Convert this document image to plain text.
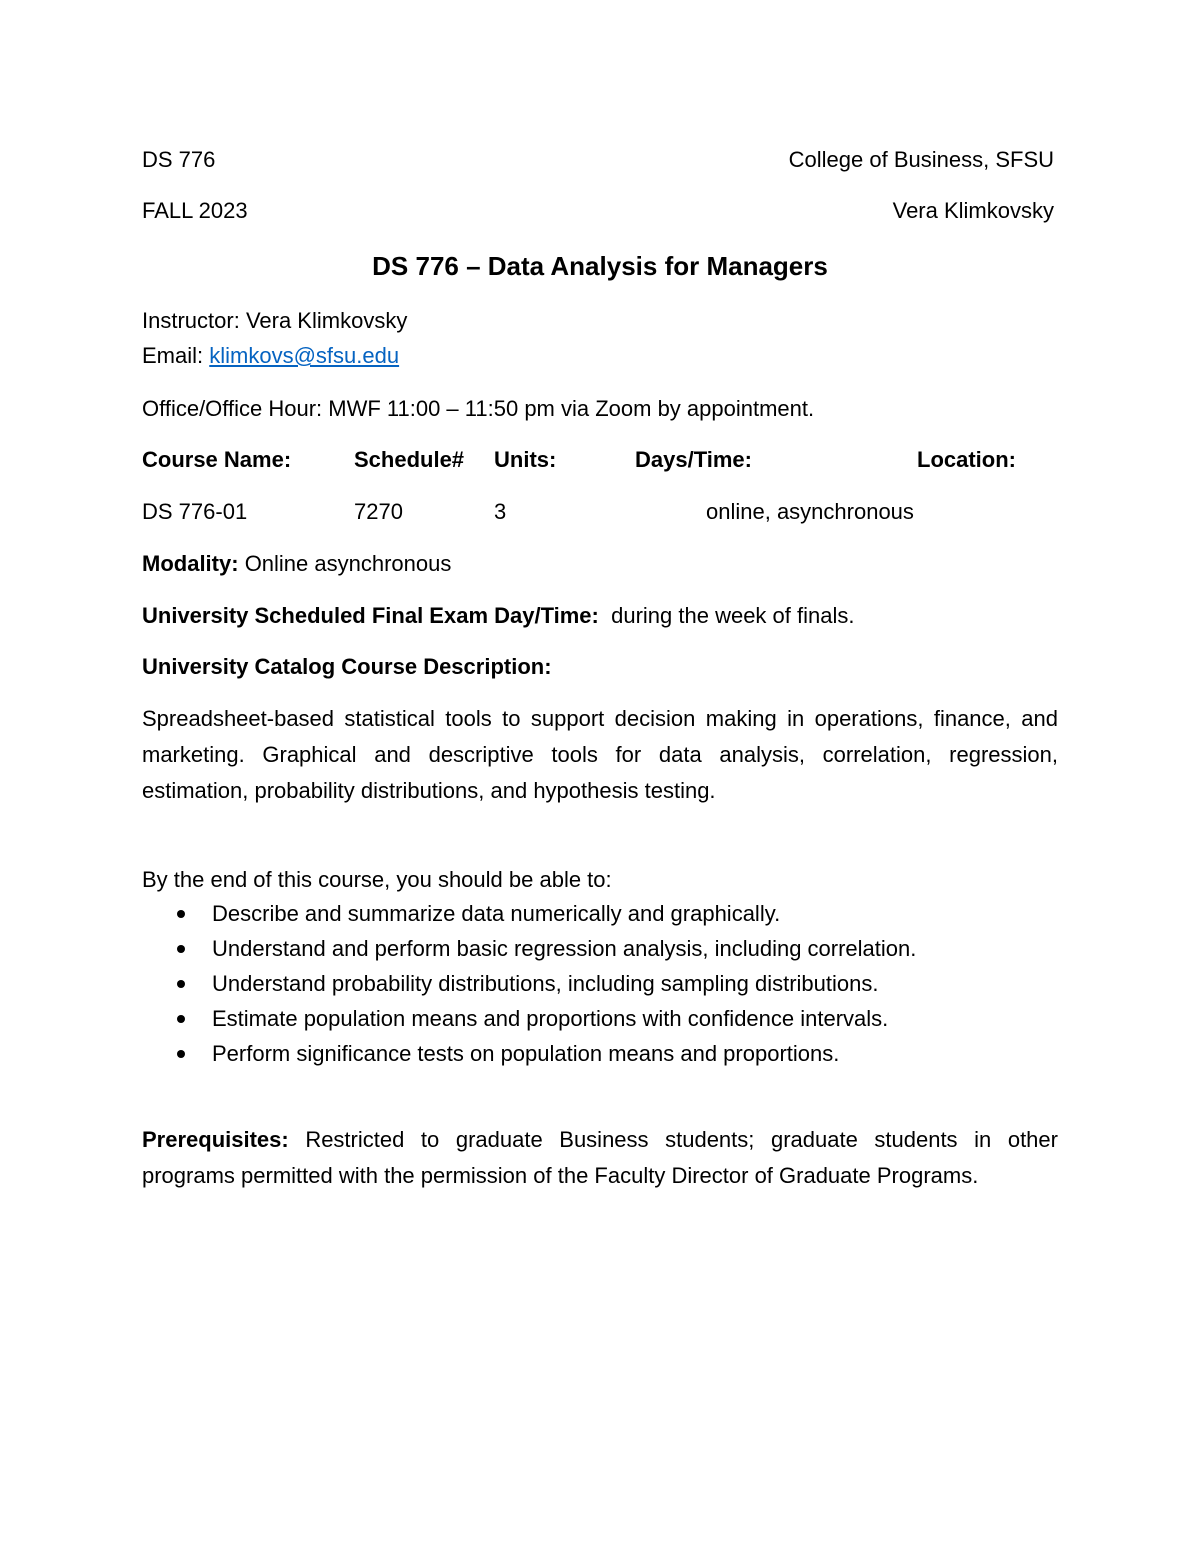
DS 776	College of Business, SFSU
FALL 2023	Vera Klimkovsky
DS 776 – Data Analysis for Managers
Instructor: Vera Klimkovsky
Email: klimkovs@sfsu.edu
Office/Office Hour: MWF 11:00 – 11:50 pm via Zoom by appointment.
Course Name:	Schedule# Units:	Days/Time:	Location:
DS 776-01	7270	3	online, asynchronous
Modality: Online asynchronous
University Scheduled Final Exam Day/Time: during the week of finals.
University Catalog Course Description:
Spreadsheet-based statistical tools to support decision making in operations, finance, and marketing. Graphical and descriptive tools for data analysis, correlation, regression, estimation, probability distributions, and hypothesis testing.
By the end of this course, you should be able to:
Describe and summarize data numerically and graphically.
Understand and perform basic regression analysis, including correlation.
Understand probability distributions, including sampling distributions.
Estimate population means and proportions with confidence intervals.
Perform significance tests on population means and proportions.
Prerequisites: Restricted to graduate Business students; graduate students in other programs permitted with the permission of the Faculty Director of Graduate Programs.
